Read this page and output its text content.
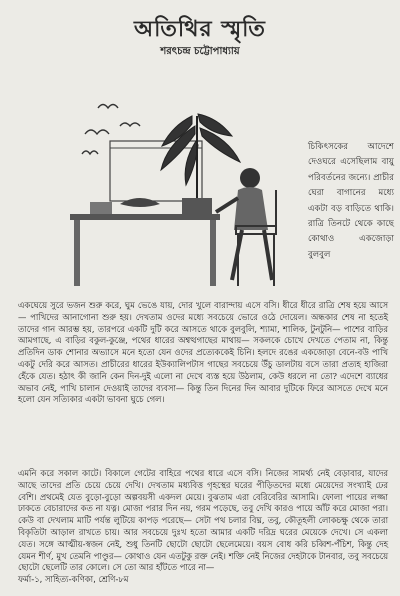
অতিথির স্মৃতি
শরৎচন্দ্র চট্টোপাধ্যায়
চিকিৎসকের আদেশে দেওঘরে এসেছিলাম বায়ু পরিবর্তনের জন্যে। প্রাচীর ঘেরা বাগানের মধ্যে একটা বড় বাড়িতে থাকি। রাত্রি তিনটে থেকে কাছে কোথাও একজোড়া বুলবুল
একঘেয়ে সুরে ভজন শুরু করে, ঘুম ভেঙে যায়, দোর খুলে বারান্দায় এসে বসি। ধীরে ধীরে রাত্রি শেষ হয়ে আসে— পাখিদের আনাগোনা শুরু হয়। দেখতাম ওদের মধ্যে সবচেয়ে ভোরে ওঠে দোয়েল। অন্ধকার শেষ না হতেই তাদের গান আরম্ভ হয়, তারপরে একটি দুটি করে আসতে থাকে বুলবুলি, শ্যামা, শালিক, টুনটুনি— পাশের বাড়ির আমগাছে, এ বাড়ির বকুল-কুঞ্জে, পথের ধারের অশ্বত্থগাছের মাথায়— সকলকে চোখে দেখতে পেতাম না, কিন্তু প্রতিদিন ডাক শোনার অভ্যাসে মনে হতো যেন ওদের প্রত্যেককেই চিনি। হলদে রঙের একজোড়া বেনে-বউ পাখি একটু দেরি করে আসত। প্রাচীরের ধারের ইউক্যালিপটাস গাছের সবচেয়ে উঁচু ডালটায় বসে তারা প্রত্যহ হাজিরা হেঁকে যেত। হঠাৎ কী জানি কেন দিন-দুই এলো না দেখে ব্যস্ত হয়ে উঠলাম, কেউ ধরলে না তো? এদেশে ব্যাধের অভাব নেই, পাখি চালান দেওয়াই তাদের ব্যবসা— কিন্তু তিন দিনের দিন আবার দুটিকে ফিরে আসতে দেখে মনে হলো যেন সত্যিকার একটা ভাবনা ঘুচে গেল।
এমনি করে সকাল কাটে। বিকালে গেটের বাহিরে পথের ধারে এসে বসি। নিজের সামর্থ্য নেই বেড়াবার, যাদের আছে তাদের প্রতি চেয়ে চেয়ে দেখি। দেখতাম মধ্যবিত্ত গৃহস্থের ঘরের পীড়িতদের মধ্যে মেয়েদের সংখ্যাই ঢের বেশি। প্রথমেই যেত বুড়ো-বুড়ো অল্পবয়সী একদল মেয়ে। বুঝতাম এরা বেরিবেরির আসামি। ফোলা পায়ের লজ্জা ঢাকতে বেচারাদের কত না যত্ন। মোজা পরার দিন নয়, গরম পড়েছে, তবু দেখি কারও পায়ে আঁট করে মোজা পরা। কেউ বা দেখলাম মাটি পর্যন্ত লুটিয়ে কাপড় পরেছে— সেটা পথ চলার বিঘ্ন, তবু, কৌতূহলী লোকচক্ষু থেকে তারা বিকৃতিটা আড়াল রাখতে চায়। আর সবচেয়ে দুঃখ হতো আমার একটি দরিদ্র ঘরের মেয়েকে দেখে। সে একলা যেত। সঙ্গে আত্মীয়-স্বজন নেই, শুধু তিনটি ছোটো ছোটো ছেলেমেয়ে। বয়স বোধ করি চব্বিশ-পঁচিশ, কিন্তু দেহ যেমন শীর্ণ, মুখ তেমনি পাণ্ডুর— কোথাও যেন এতটুকু রক্ত নেই। শক্তি নেই নিজের দেহটাকে টানবার, তবু সবচেয়ে ছোটো ছেলেটি তার কোলে। সে তো আর হাঁটতে পারে না—
ফর্মা-১, সাহিত্য-কণিকা, শ্রেণি-৮ম
